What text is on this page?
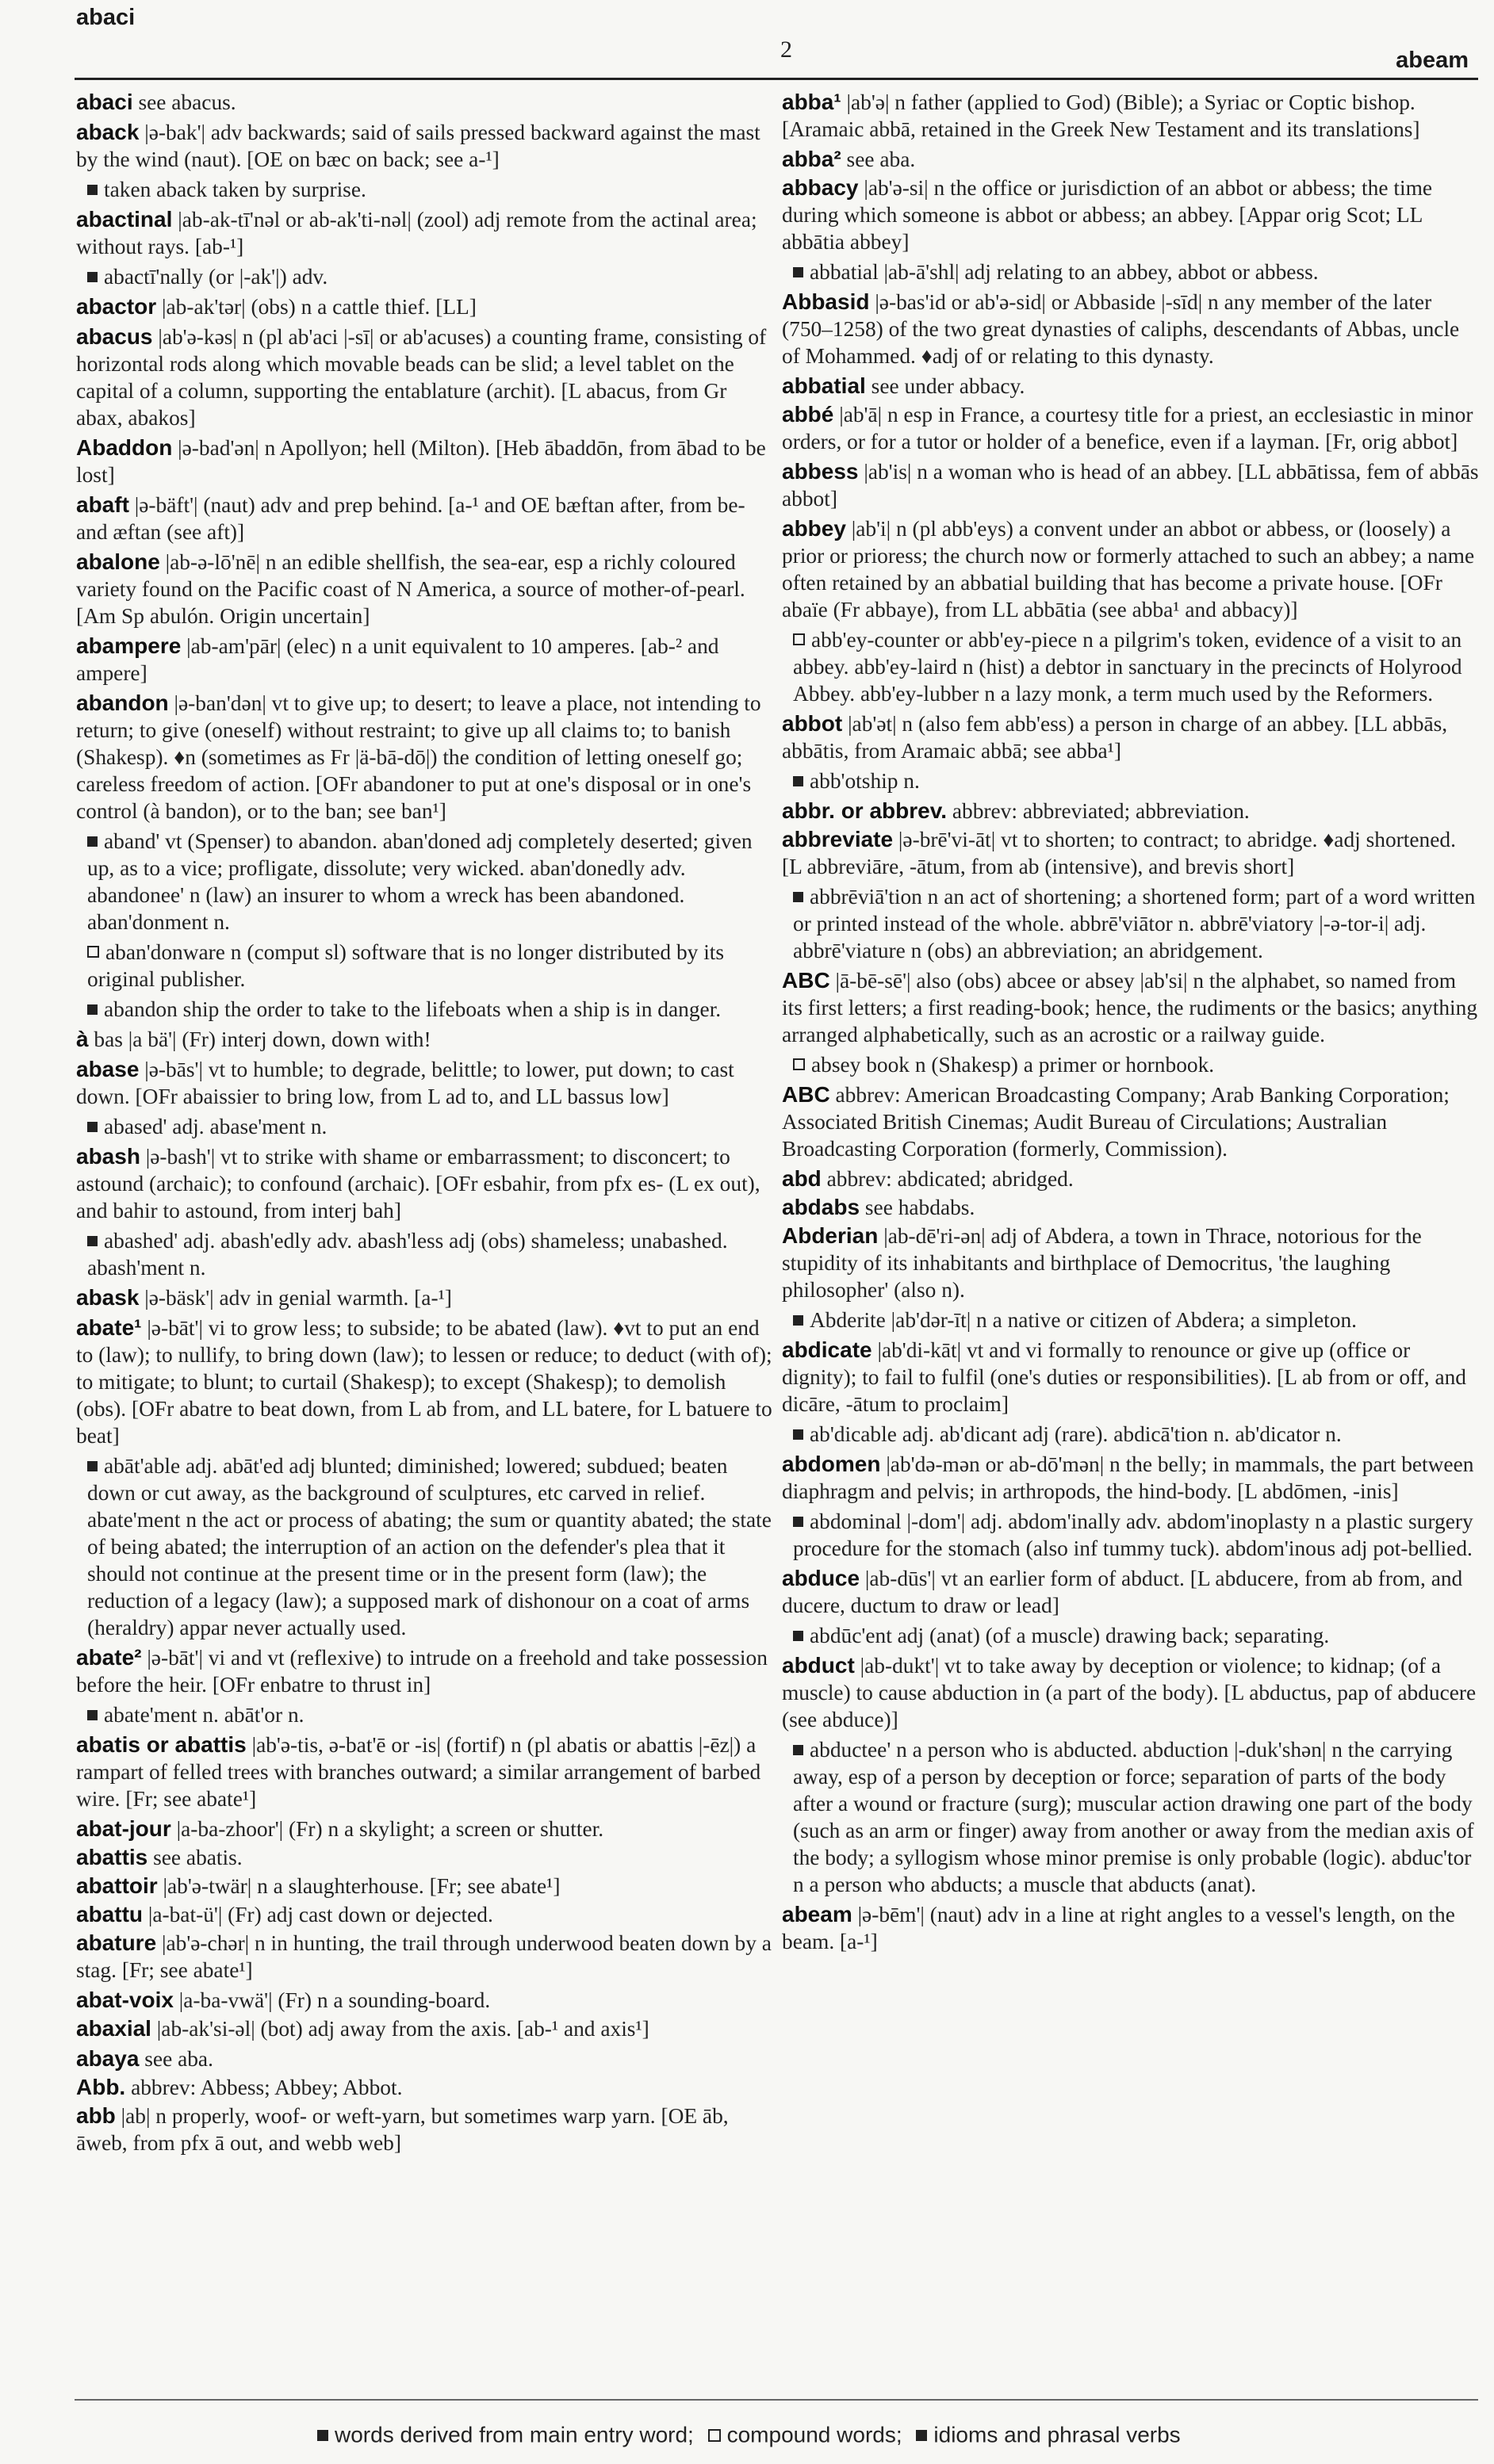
abaci
2	abeam
abaci see abacus.
aback |ə-bak'| adv backwards; said of sails pressed backward against the mast by the wind (naut). [OE on bæc on back; see a-¹]
taken aback taken by surprise.
abactinal |ab-ak-tī'nəl or ab-ak'ti-nəl| (zool) adj remote from the actinal area; without rays. [ab-¹]
abactī'nally (or |-ak'|) adv.
abactor |ab-ak'tər| (obs) n a cattle thief. [LL]
abacus |ab'ə-kəs| n (pl ab'aci |-sī| or ab'acuses) a counting frame, consisting of horizontal rods along which movable beads can be slid; a level tablet on the capital of a column, supporting the entablature (archit). [L abacus, from Gr abax, abakos]
Abaddon |ə-bad'ən| n Apollyon; hell (Milton). [Heb ābaddōn, from ābad to be lost]
abaft |ə-bäft'| (naut) adv and prep behind. [a-¹ and OE bæftan after, from be- and æftan (see aft)]
abalone |ab-ə-lō'nē| n an edible shellfish, the sea-ear, esp a richly coloured variety found on the Pacific coast of N America, a source of mother-of-pearl. [Am Sp abulón. Origin uncertain]
abampere |ab-am'pār| (elec) n a unit equivalent to 10 amperes. [ab-² and ampere]
abandon |ə-ban'dən| vt to give up; to desert; to leave a place, not intending to return; to give (oneself) without restraint; to give up all claims to; to banish (Shakesp). ♦n (sometimes as Fr |ä-bā-dō|) the condition of letting oneself go; careless freedom of action. [OFr abandoner to put at one's disposal or in one's control (à bandon), or to the ban; see ban¹]
aband' vt (Spenser) to abandon. aban'doned adj completely deserted; given up, as to a vice; profligate, dissolute; very wicked. aban'donedly adv. abandonee' n (law) an insurer to whom a wreck has been abandoned. aban'donment n.
aban'donware n (comput sl) software that is no longer distributed by its original publisher.
abandon ship the order to take to the lifeboats when a ship is in danger.
à bas |a bä'| (Fr) interj down, down with!
abase |ə-bās'| vt to humble; to degrade, belittle; to lower, put down; to cast down. [OFr abaissier to bring low, from L ad to, and LL bassus low]
abased' adj. abase'ment n.
abash |ə-bash'| vt to strike with shame or embarrassment; to disconcert; to astound (archaic); to confound (archaic). [OFr esbahir, from pfx es- (L ex out), and bahir to astound, from interj bah]
abashed' adj. abash'edly adv. abash'less adj (obs) shameless; unabashed. abash'ment n.
abask |ə-bäsk'| adv in genial warmth. [a-¹]
abate¹ |ə-bāt'| vi to grow less; to subside; to be abated (law). ♦vt to put an end to (law); to nullify, to bring down (law); to lessen or reduce; to deduct (with of); to mitigate; to blunt; to curtail (Shakesp); to except (Shakesp); to demolish (obs). [OFr abatre to beat down, from L ab from, and LL batere, for L batuere to beat]
abāt'able adj. abāt'ed adj blunted; diminished; lowered; subdued; beaten down or cut away, as the background of sculptures, etc carved in relief. abate'ment n the act or process of abating; the sum or quantity abated; the state of being abated; the interruption of an action on the defender's plea that it should not continue at the present time or in the present form (law); the reduction of a legacy (law); a supposed mark of dishonour on a coat of arms (heraldry) appar never actually used.
abate² |ə-bāt'| vi and vt (reflexive) to intrude on a freehold and take possession before the heir. [OFr enbatre to thrust in]
abate'ment n. abāt'or n.
abatis or abattis |ab'ə-tis, ə-bat'ē or -is| (fortif) n (pl abatis or abattis |-ēz|) a rampart of felled trees with branches outward; a similar arrangement of barbed wire. [Fr; see abate¹]
abat-jour |a-ba-zhoor'| (Fr) n a skylight; a screen or shutter.
abattis see abatis.
abattoir |ab'ə-twär| n a slaughterhouse. [Fr; see abate¹]
abattu |a-bat-ü'| (Fr) adj cast down or dejected.
abature |ab'ə-chər| n in hunting, the trail through underwood beaten down by a stag. [Fr; see abate¹]
abat-voix |a-ba-vwä'| (Fr) n a sounding-board.
abaxial |ab-ak'si-əl| (bot) adj away from the axis. [ab-¹ and axis¹]
abaya see aba.
Abb. abbrev: Abbess; Abbey; Abbot.
abb |ab| n properly, woof- or weft-yarn, but sometimes warp yarn. [OE āb, āweb, from pfx ā out, and webb web]
abba¹ |ab'ə| n father (applied to God) (Bible); a Syriac or Coptic bishop. [Aramaic abbā, retained in the Greek New Testament and its translations]
abba² see aba.
abbacy |ab'ə-si| n the office or jurisdiction of an abbot or abbess; the time during which someone is abbot or abbess; an abbey. [Appar orig Scot; LL abbātia abbey]
abbatial |ab-ā'shl| adj relating to an abbey, abbot or abbess.
Abbasid |ə-bas'id or ab'ə-sid| or Abbaside |-sīd| n any member of the later (750–1258) of the two great dynasties of caliphs, descendants of Abbas, uncle of Mohammed. ♦adj of or relating to this dynasty.
abbatial see under abbacy.
abbé |ab'ā| n esp in France, a courtesy title for a priest, an ecclesiastic in minor orders, or for a tutor or holder of a benefice, even if a layman. [Fr, orig abbot]
abbess |ab'is| n a woman who is head of an abbey. [LL abbātissa, fem of abbās abbot]
abbey |ab'i| n (pl abb'eys) a convent under an abbot or abbess, or (loosely) a prior or prioress; the church now or formerly attached to such an abbey; a name often retained by an abbatial building that has become a private house. [OFr abaïe (Fr abbaye), from LL abbātia (see abba¹ and abbacy)]
abb'ey-counter or abb'ey-piece n a pilgrim's token, evidence of a visit to an abbey. abb'ey-laird n (hist) a debtor in sanctuary in the precincts of Holyrood Abbey. abb'ey-lubber n a lazy monk, a term much used by the Reformers.
abbot |ab'ət| n (also fem abb'ess) a person in charge of an abbey. [LL abbās, abbātis, from Aramaic abbā; see abba¹]
abb'otship n.
abbr. or abbrev. abbrev: abbreviated; abbreviation.
abbreviate |ə-brē'vi-āt| vt to shorten; to contract; to abridge. ♦adj shortened. [L abbreviāre, -ātum, from ab (intensive), and brevis short]
abbrēviā'tion n an act of shortening; a shortened form; part of a word written or printed instead of the whole. abbrē'viātor n. abbrē'viatory |-ə-tor-i| adj. abbrē'viature n (obs) an abbreviation; an abridgement.
ABC |ā-bē-sē'| also (obs) abcee or absey |ab'si| n the alphabet, so named from its first letters; a first reading-book; hence, the rudiments or the basics; anything arranged alphabetically, such as an acrostic or a railway guide.
absey book n (Shakesp) a primer or hornbook.
ABC abbrev: American Broadcasting Company; Arab Banking Corporation; Associated British Cinemas; Audit Bureau of Circulations; Australian Broadcasting Corporation (formerly, Commission).
abd abbrev: abdicated; abridged.
abdabs see habdabs.
Abderian |ab-dē'ri-ən| adj of Abdera, a town in Thrace, notorious for the stupidity of its inhabitants and birthplace of Democritus, 'the laughing philosopher' (also n).
Abderite |ab'dər-īt| n a native or citizen of Abdera; a simpleton.
abdicate |ab'di-kāt| vt and vi formally to renounce or give up (office or dignity); to fail to fulfil (one's duties or responsibilities). [L ab from or off, and dicāre, -ātum to proclaim]
ab'dicable adj. ab'dicant adj (rare). abdicā'tion n. ab'dicator n.
abdomen |ab'də-mən or ab-dō'mən| n the belly; in mammals, the part between diaphragm and pelvis; in arthropods, the hind-body. [L abdōmen, -inis]
abdominal |-dom'| adj. abdom'inally adv. abdom'inoplasty n a plastic surgery procedure for the stomach (also inf tummy tuck). abdom'inous adj pot-bellied.
abduce |ab-dūs'| vt an earlier form of abduct. [L abducere, from ab from, and ducere, ductum to draw or lead]
abdūc'ent adj (anat) (of a muscle) drawing back; separating.
abduct |ab-dukt'| vt to take away by deception or violence; to kidnap; (of a muscle) to cause abduction in (a part of the body). [L abductus, pap of abducere (see abduce)]
abductee' n a person who is abducted. abduction |-duk'shən| n the carrying away, esp of a person by deception or force; separation of parts of the body after a wound or fracture (surg); muscular action drawing one part of the body (such as an arm or finger) away from another or away from the median axis of the body; a syllogism whose minor premise is only probable (logic). abduc'tor n a person who abducts; a muscle that abducts (anat).
abeam |ə-bēm'| (naut) adv in a line at right angles to a vessel's length, on the beam. [a-¹]
words derived from main entry word; compound words; idioms and phrasal verbs
